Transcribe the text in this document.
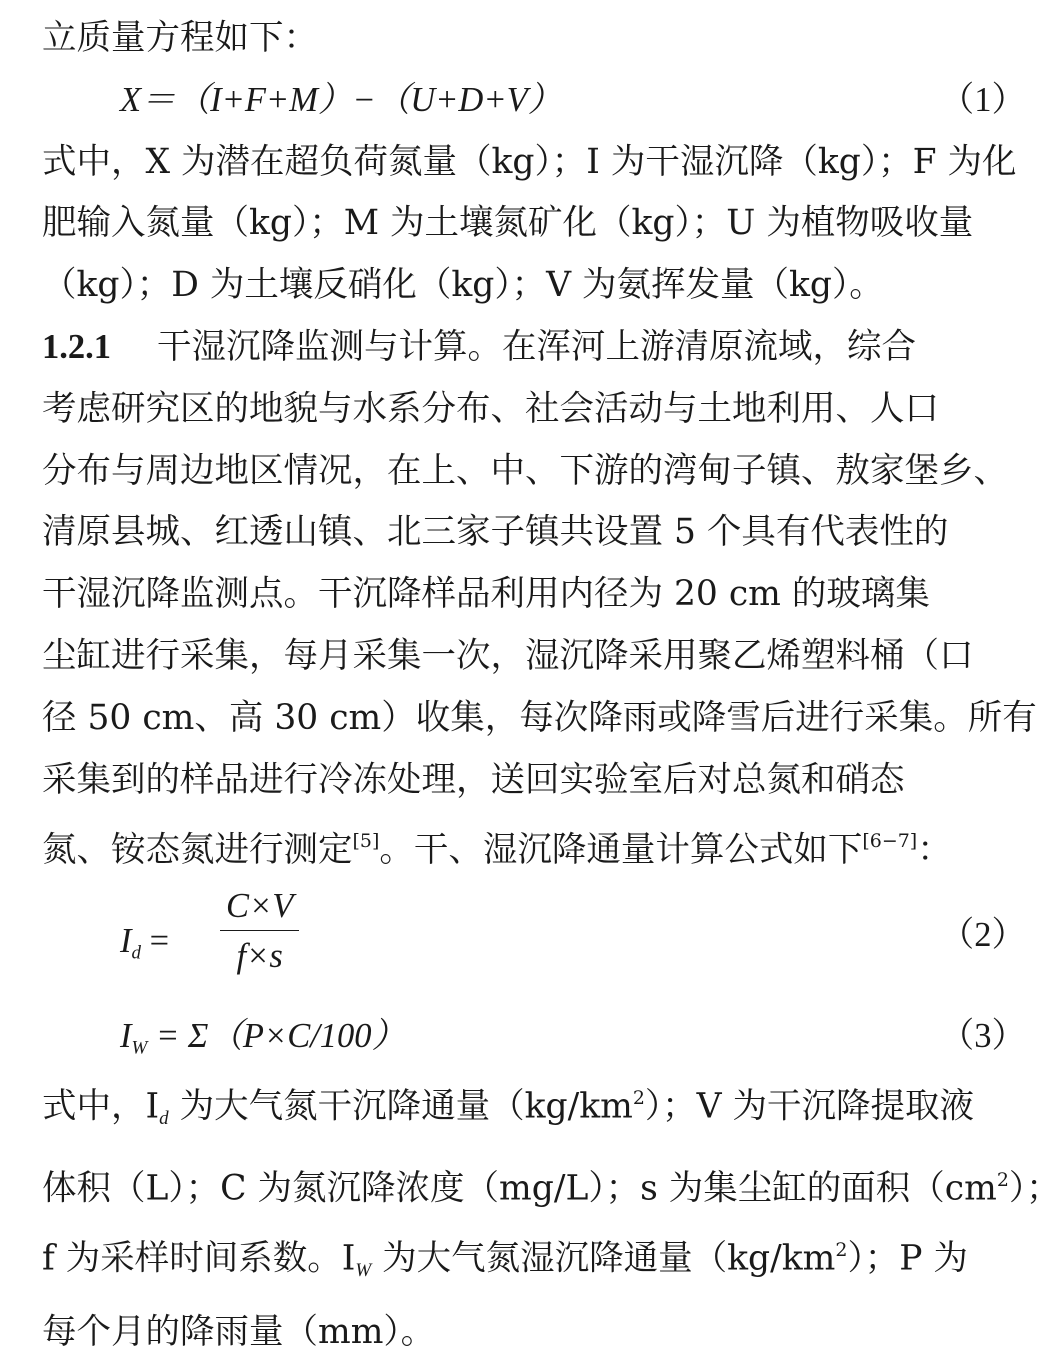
立质量方程如下：
X＝（I+F+M）−（U+D+V）	（1）
式中，X 为潜在超负荷氮量（kg）；I 为干湿沉降（kg）；F 为化
肥输入氮量（kg）；M 为土壤氮矿化（kg）；U 为植物吸收量
（kg）；D 为土壤反硝化（kg）；V 为氨挥发量（kg）。
1.2.1 干湿沉降监测与计算。在浑河上游清原流域，综合
考虑研究区的地貌与水系分布、社会活动与土地利用、人口
分布与周边地区情况，在上、中、下游的湾甸子镇、敖家堡乡、
清原县城、红透山镇、北三家子镇共设置 5 个具有代表性的
干湿沉降监测点。干沉降样品利用内径为 20 cm 的玻璃集
尘缸进行采集，每月采集一次，湿沉降采用聚乙烯塑料桶（口
径 50 cm、高 30 cm）收集，每次降雨或降雪后进行采集。所有
采集到的样品进行冷冻处理，送回实验室后对总氮和硝态
氮、铵态氮进行测定[5]。干、湿沉降通量计算公式如下[6−7]：
$I_d = \frac{C\times V}{f\times s}$	（2）
$I_W = \Sigma(P\times C/100)$	（3）
式中，$I_d$ 为大气氮干沉降通量$(kg/km^2)$；V 为干沉降提取液
体积（L）；C 为氮沉降浓度（mg/L）；s 为集尘缸的面积$(cm^2)$；
f 为采样时间系数。$I_W$ 为大气氮湿沉降通量$(kg/km^2)$；P 为
每个月的降雨量（mm）。
